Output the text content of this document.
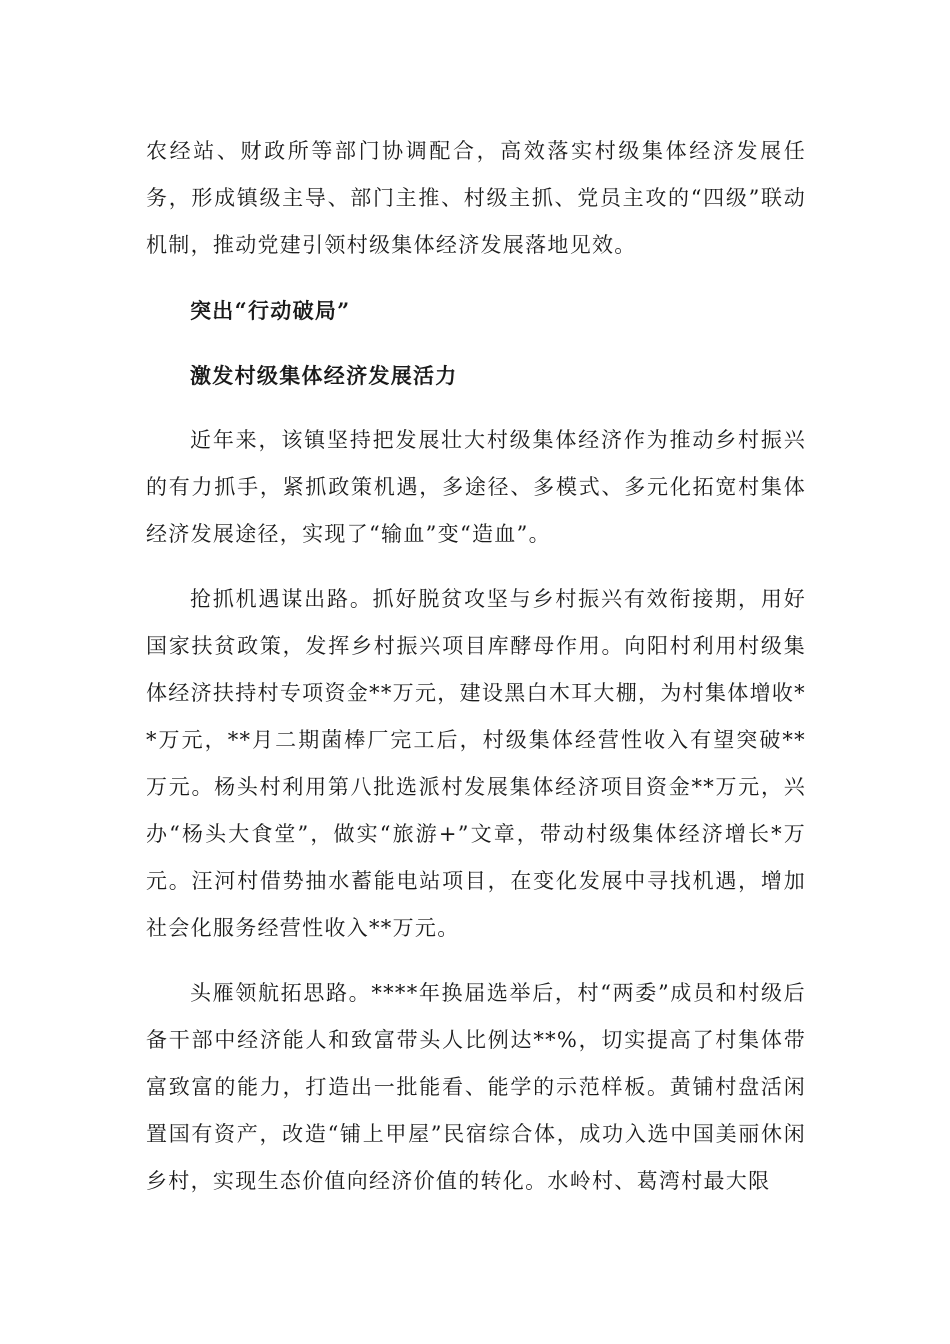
农经站、财政所等部门协调配合，高效落实村级集体经济发展任务，形成镇级主导、部门主推、村级主抓、党员主攻的“四级”联动机制，推动党建引领村级集体经济发展落地见效。

突出“行动破局”

激发村级集体经济发展活力

近年来，该镇坚持把发展壮大村级集体经济作为推动乡村振兴的有力抓手，紧抓政策机遇，多途径、多模式、多元化拓宽村集体经济发展途径，实现了“输血”变“造血”。

抢抓机遇谋出路。抓好脱贫攻坚与乡村振兴有效衔接期，用好国家扶贫政策，发挥乡村振兴项目库酵母作用。向阳村利用村级集体经济扶持村专项资金**万元，建设黑白木耳大棚，为村集体增收**万元，**月二期菌棒厂完工后，村级集体经营性收入有望突破**万元。杨头村利用第八批选派村发展集体经济项目资金**万元，兴办“杨头大食堂”，做实“旅游+”文章，带动村级集体经济增长*万元。汪河村借势抽水蓄能电站项目，在变化发展中寻找机遇，增加社会化服务经营性收入**万元。

头雁领航拓思路。****年换届选举后，村“两委”成员和村级后备干部中经济能人和致富带头人比例达**%，切实提高了村集体带富致富的能力，打造出一批能看、能学的示范样板。黄铺村盘活闲置国有资产，改造“铺上甲屋”民宿综合体，成功入选中国美丽休闲乡村，实现生态价值向经济价值的转化。水岭村、葛湾村最大限
